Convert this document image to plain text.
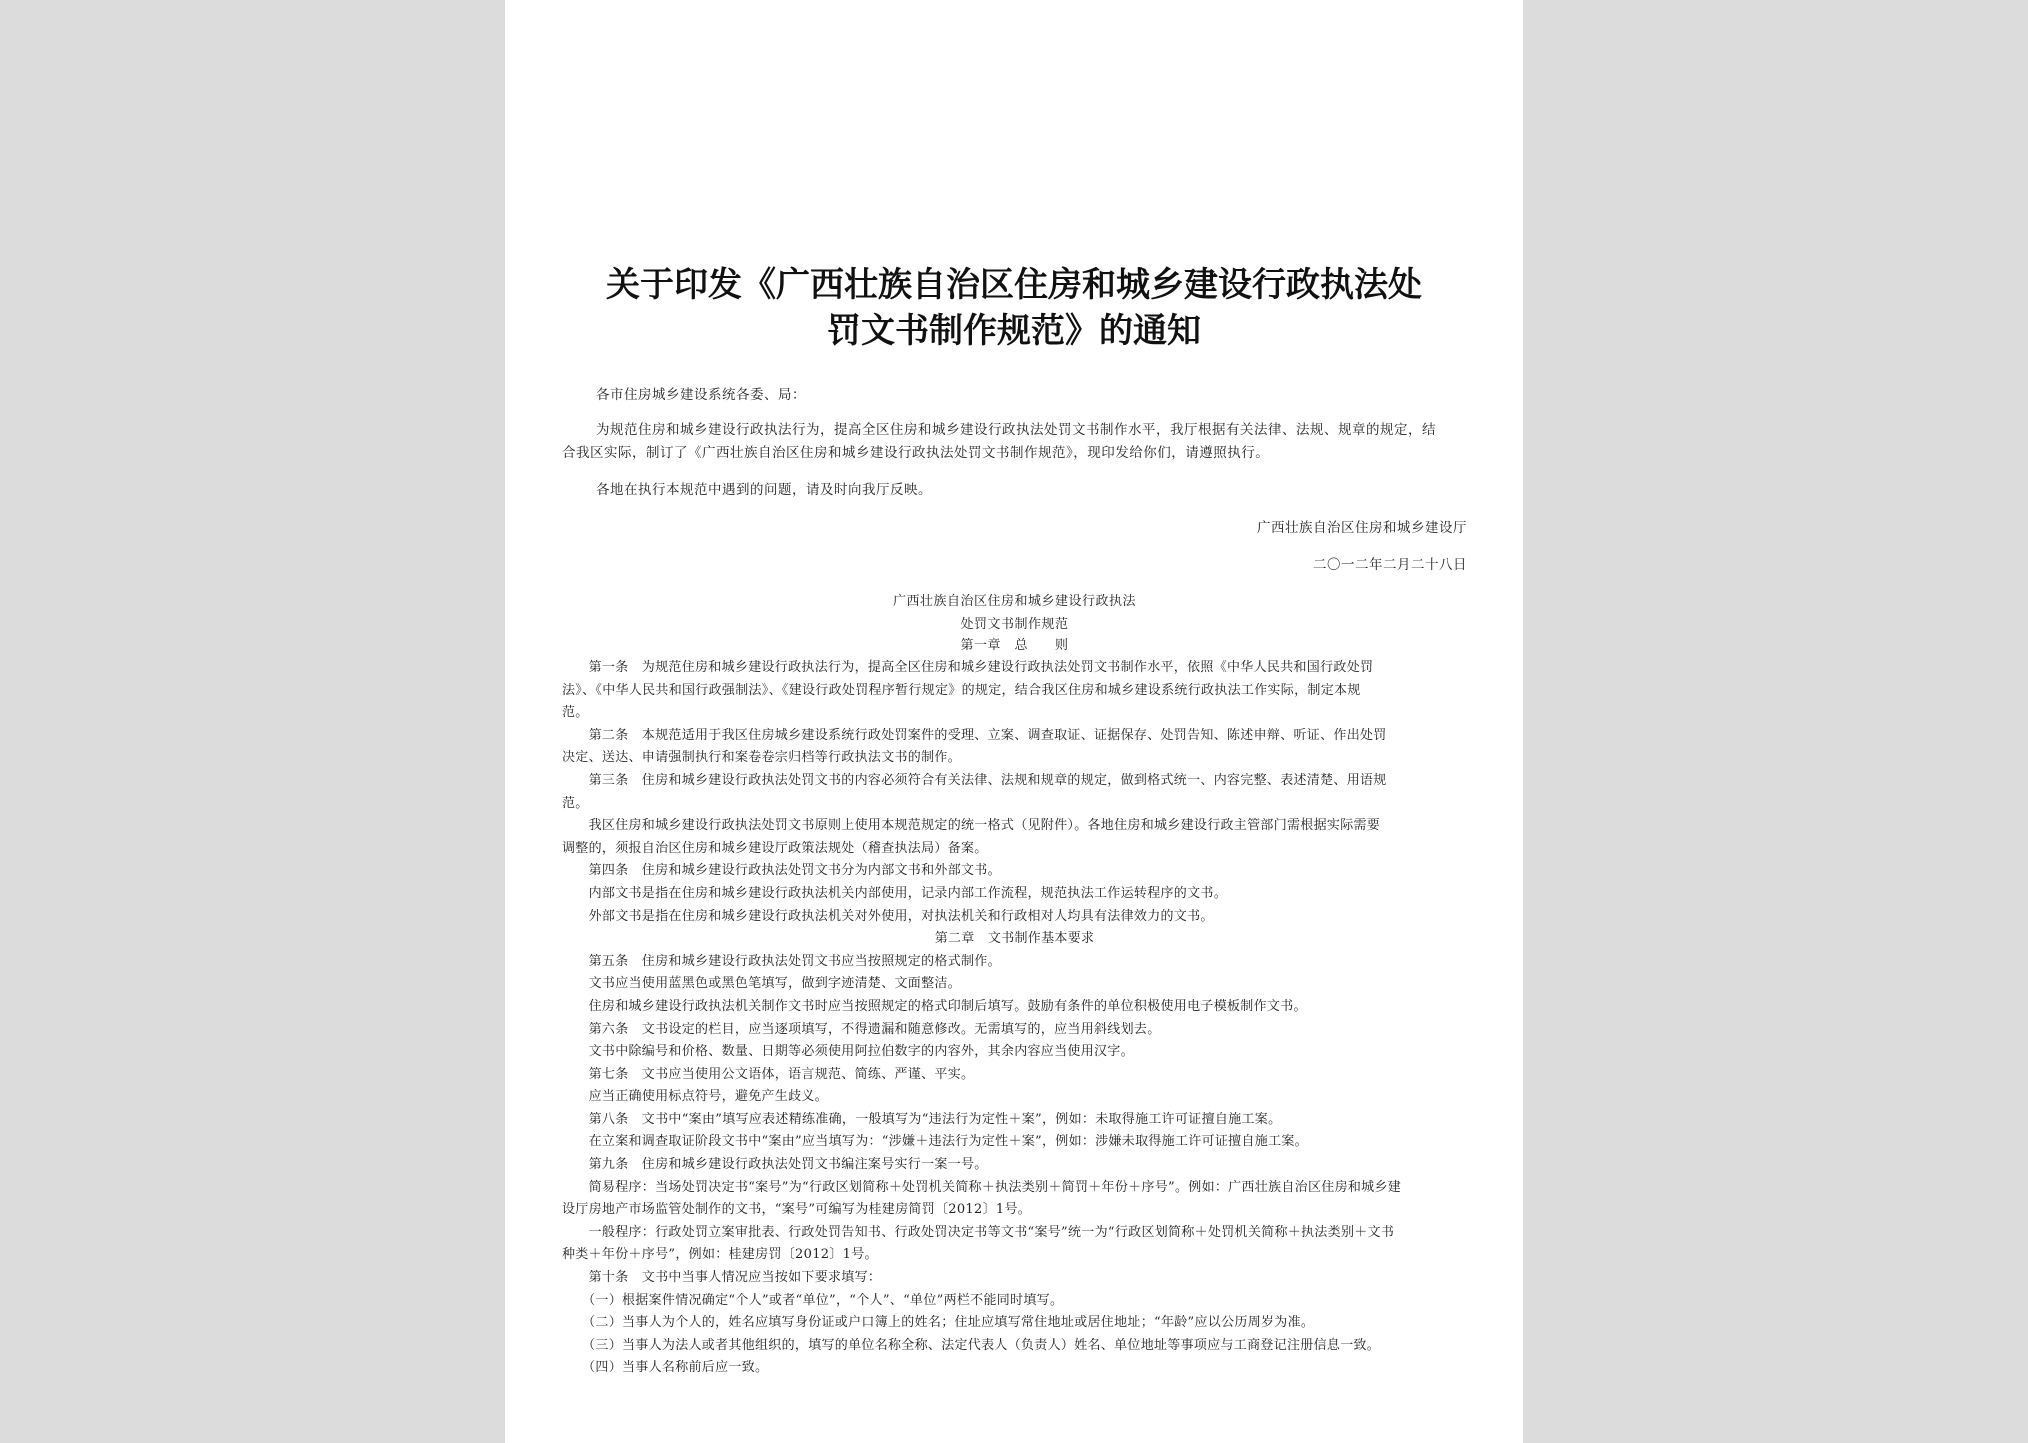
关于印发《广西壮族自治区住房和城乡建设行政执法处
罚文书制作规范》的通知
各市住房城乡建设系统各委、局：
为规范住房和城乡建设行政执法行为，提高全区住房和城乡建设行政执法处罚文书制作水平，我厅根据有关法律、法规、规章的规定，结
合我区实际，制订了《广西壮族自治区住房和城乡建设行政执法处罚文书制作规范》，现印发给你们，请遵照执行。
各地在执行本规范中遇到的问题，请及时向我厅反映。
广西壮族自治区住房和城乡建设厅
二〇一二年二月二十八日
广西壮族自治区住房和城乡建设行政执法
处罚文书制作规范
第一章　总　　则
　　第一条　为规范住房和城乡建设行政执法行为，提高全区住房和城乡建设行政执法处罚文书制作水平，依照《中华人民共和国行政处罚
法》、《中华人民共和国行政强制法》、《建设行政处罚程序暂行规定》的规定，结合我区住房和城乡建设系统行政执法工作实际，制定本规
范。
　　第二条　本规范适用于我区住房城乡建设系统行政处罚案件的受理、立案、调查取证、证据保存、处罚告知、陈述申辩、听证、作出处罚
决定、送达、申请强制执行和案卷卷宗归档等行政执法文书的制作。
　　第三条　住房和城乡建设行政执法处罚文书的内容必须符合有关法律、法规和规章的规定，做到格式统一、内容完整、表述清楚、用语规
范。
　　我区住房和城乡建设行政执法处罚文书原则上使用本规范规定的统一格式（见附件）。各地住房和城乡建设行政主管部门需根据实际需要
调整的，须报自治区住房和城乡建设厅政策法规处（稽查执法局）备案。
　　第四条　住房和城乡建设行政执法处罚文书分为内部文书和外部文书。
　　内部文书是指在住房和城乡建设行政执法机关内部使用，记录内部工作流程，规范执法工作运转程序的文书。
　　外部文书是指在住房和城乡建设行政执法机关对外使用，对执法机关和行政相对人均具有法律效力的文书。
第二章　文书制作基本要求
　　第五条　住房和城乡建设行政执法处罚文书应当按照规定的格式制作。
　　文书应当使用蓝黑色或黑色笔填写，做到字迹清楚、文面整洁。
　　住房和城乡建设行政执法机关制作文书时应当按照规定的格式印制后填写。鼓励有条件的单位积极使用电子模板制作文书。
　　第六条　文书设定的栏目，应当逐项填写，不得遗漏和随意修改。无需填写的，应当用斜线划去。
　　文书中除编号和价格、数量、日期等必须使用阿拉伯数字的内容外，其余内容应当使用汉字。
　　第七条　文书应当使用公文语体，语言规范、简练、严谨、平实。
　　应当正确使用标点符号，避免产生歧义。
　　第八条　文书中“案由”填写应表述精练准确，一般填写为“违法行为定性＋案”，例如：未取得施工许可证擅自施工案。
　　在立案和调查取证阶段文书中“案由”应当填写为：“涉嫌＋违法行为定性＋案”，例如：涉嫌未取得施工许可证擅自施工案。
　　第九条　住房和城乡建设行政执法处罚文书编注案号实行一案一号。
　　简易程序：当场处罚决定书“案号”为“行政区划简称＋处罚机关简称＋执法类别＋简罚＋年份＋序号”。例如：广西壮族自治区住房和城乡建
设厅房地产市场监管处制作的文书，“案号”可编写为桂建房简罚〔2012〕1号。
　　一般程序：行政处罚立案审批表、行政处罚告知书、行政处罚决定书等文书“案号”统一为“行政区划简称＋处罚机关简称＋执法类别＋文书
种类＋年份＋序号”，例如：桂建房罚〔2012〕1号。
　　第十条　文书中当事人情况应当按如下要求填写：
　　（一）根据案件情况确定“个人”或者“单位”，“个人”、“单位”两栏不能同时填写。
　　（二）当事人为个人的，姓名应填写身份证或户口簿上的姓名；住址应填写常住地址或居住地址；“年龄”应以公历周岁为准。
　　（三）当事人为法人或者其他组织的，填写的单位名称全称、法定代表人（负责人）姓名、单位地址等事项应与工商登记注册信息一致。
　　（四）当事人名称前后应一致。
